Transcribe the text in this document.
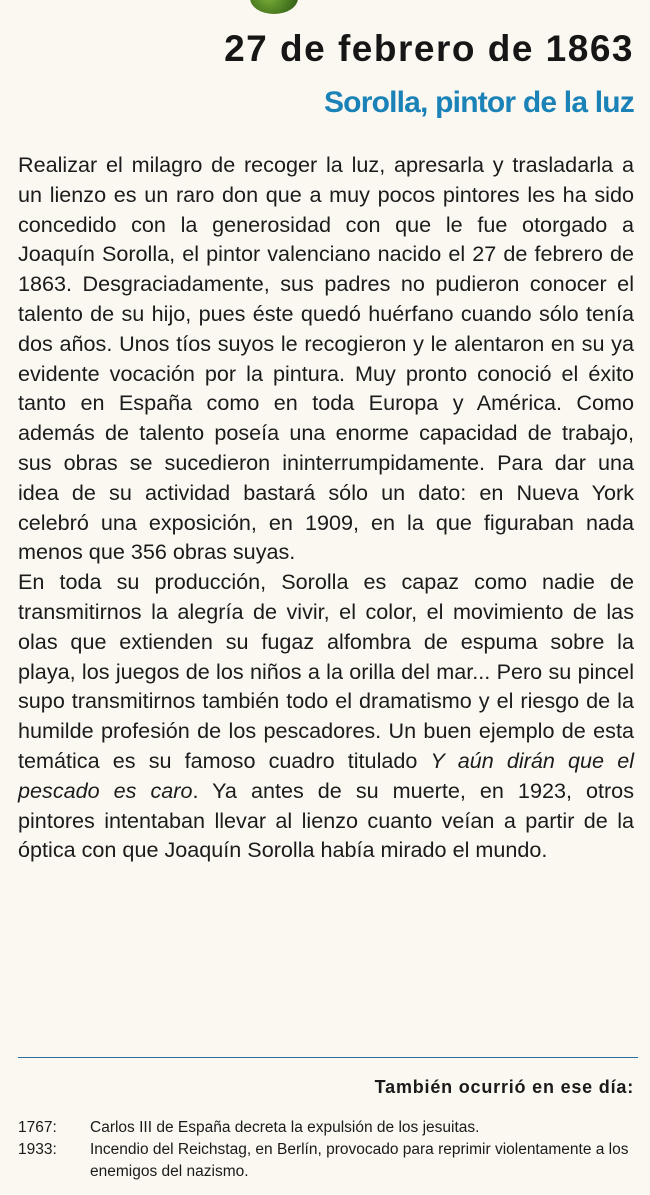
27 de febrero de 1863
Sorolla, pintor de la luz

Realizar el milagro de recoger la luz, apresarla y trasladarla a un lienzo es un raro don que a muy pocos pintores les ha sido concedido con la generosidad con que le fue otorgado a Joaquín Sorolla, el pintor valenciano nacido el 27 de febrero de 1863. Desgraciadamente, sus padres no pudieron conocer el talento de su hijo, pues éste quedó huérfano cuando sólo tenía dos años. Unos tíos suyos le recogieron y le alentaron en su ya evidente vocación por la pintura. Muy pronto conoció el éxito tanto en España como en toda Europa y América. Como además de talento poseía una enorme capacidad de trabajo, sus obras se sucedieron ininterrumpidamente. Para dar una idea de su actividad bastará sólo un dato: en Nueva York celebró una exposición, en 1909, en la que figuraban nada menos que 356 obras suyas.

En toda su producción, Sorolla es capaz como nadie de transmitirnos la alegría de vivir, el color, el movimiento de las olas que extienden su fugaz alfombra de espuma sobre la playa, los juegos de los niños a la orilla del mar... Pero su pincel supo transmitirnos también todo el dramatismo y el riesgo de la humilde profesión de los pescadores. Un buen ejemplo de esta temática es su famoso cuadro titulado Y aún dirán que el pescado es caro. Ya antes de su muerte, en 1923, otros pintores intentaban llevar al lienzo cuanto veían a partir de la óptica con que Joaquín Sorolla había mirado el mundo.

También ocurrió en ese día:
1767:	Carlos III de España decreta la expulsión de los jesuitas.
1933:	Incendio del Reichstag, en Berlín, provocado para reprimir violentamente a los enemigos del nazismo.
